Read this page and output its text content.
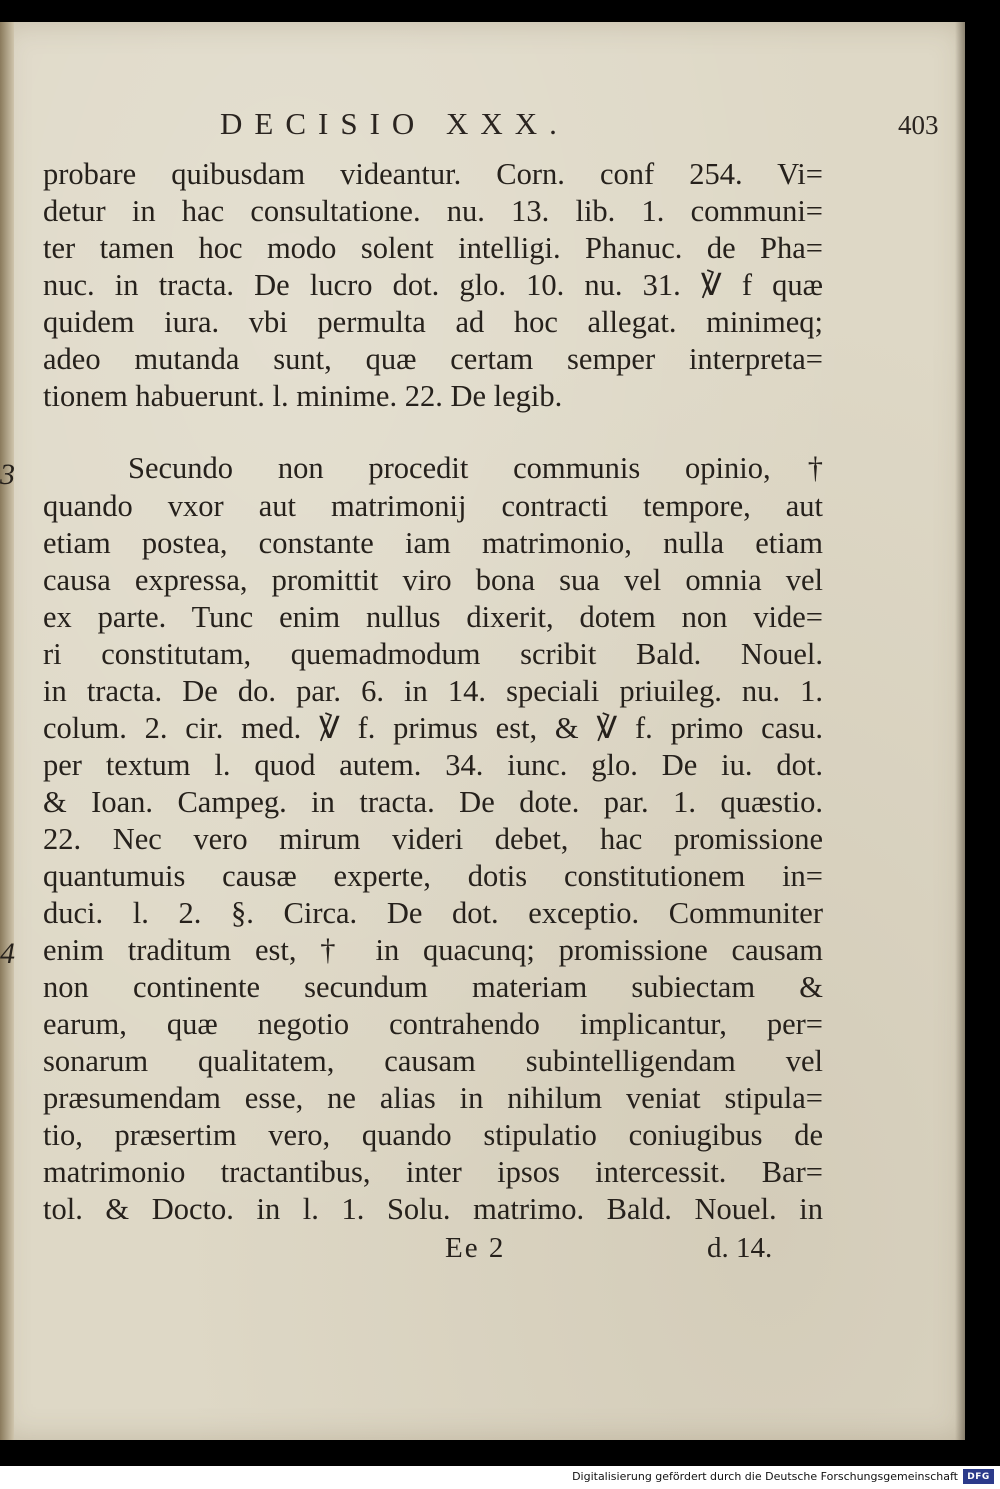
DECISIO XXX.	403
probare quibusdam videantur. Corn. conf 254. Vi=
detur in hac consultatione. nu. 13. lib. 1. communi=
ter tamen hoc modo solent intelligi. Phanuc. de Pha=
nuc. in tracta. De lucro dot. glo. 10. nu. 31. ℣ f quæ
quidem iura. vbi permulta ad hoc allegat. minimeq;
adeo mutanda sunt, quæ certam semper interpreta=
tionem habuerunt. l. minime. 22. De legib.
3
4
Secundo non procedit communis opinio,†
quando vxor aut matrimonij contracti tempore, aut
etiam postea, constante iam matrimonio, nulla etiam
causa expressa, promittit viro bona sua vel omnia vel
ex parte. Tunc enim nullus dixerit, dotem non vide=
ri constitutam, quemadmodum scribit Bald. Nouel.
in tracta. De do. par. 6. in 14. speciali priuileg. nu. 1.
colum. 2. cir. med. ℣ f. primus est, & ℣ f. primo casu.
per textum l. quod autem. 34. iunc. glo. De iu. dot.
& Ioan. Campeg. in tracta. De dote. par. 1. quæstio.
22. Nec vero mirum videri debet, hac promissione
quantumuis causæ experte, dotis constitutionem in=
duci. l. 2. §. Circa. De dot. exceptio. Communiter
enim traditum est, † in quacunq; promissione causam
non continente secundum materiam subiectam &
earum, quæ negotio contrahendo implicantur, per=
sonarum qualitatem, causam subintelligendam vel
præsumendam esse, ne alias in nihilum veniat stipula=
tio, præsertim vero, quando stipulatio coniugibus de
matrimonio tractantibus, inter ipsos intercessit. Bar=
tol. & Docto. in l. 1. Solu. matrimo. Bald. Nouel. in
Ee 2	d. 14.
Digitalisierung gefördert durch die Deutsche Forschungsgemeinschaft	DFG
